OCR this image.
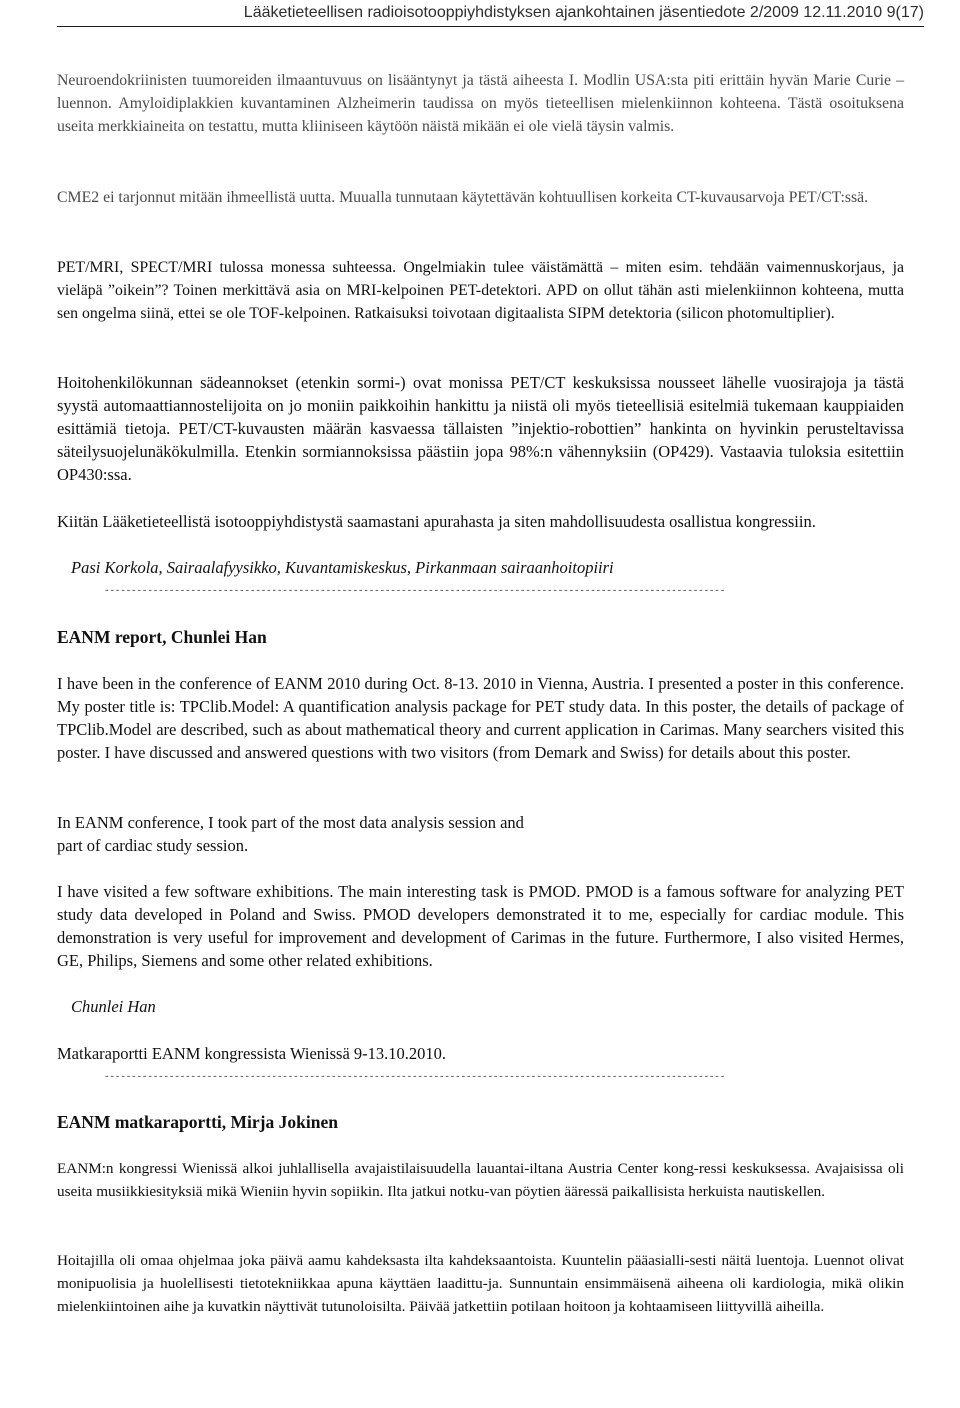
Lääketieteellisen radioisotooppiyhdistyksen ajankohtainen jäsentiedote 2/2009 12.11.2010 9(17)

Neuroendokriinisten tuumoreiden ilmaantuvuus on lisääntynyt ja tästä aiheesta I. Modlin USA:sta piti erittäin hyvän Marie Curie –luennon. Amyloidiplakkien kuvantaminen Alzheimerin taudissa on myös tieteellisen mielenkiinnon kohteena. Tästä osoituksena useita merkkiaineita on testattu, mutta kliiniseen käytöön näistä mikään ei ole vielä täysin valmis.

CME2 ei tarjonnut mitään ihmeellistä uutta. Muualla tunnutaan käytettävän kohtuullisen korkeita CT-kuvausarvoja PET/CT:ssä.

PET/MRI, SPECT/MRI tulossa monessa suhteessa. Ongelmiakin tulee väistämättä – miten esim. tehdään vaimennuskorjaus, ja vieläpä ”oikein”? Toinen merkittävä asia on MRI-kelpoinen PET-detektori. APD on ollut tähän asti mielenkiinnon kohteena, mutta sen ongelma siinä, ettei se ole TOF-kelpoinen. Ratkaisuksi toivotaan digitaalista SIPM detektoria (silicon photomultiplier).

Hoitohenkilökunnan sädeannokset (etenkin sormi-) ovat monissa PET/CT keskuksissa nousseet lähelle vuosirajoja ja tästä syystä automaattiannostelijoita on jo moniin paikkoihin hankittu ja niistä oli myös tieteellisiä esitelmiä tukemaan kauppiaiden esittämiä tietoja. PET/CT-kuvausten määrän kasvaessa tällaisten ”injektio-robottien” hankinta on hyvinkin perusteltavissa säteilysuojelunäkökulmilla. Etenkin sormiannoksissa päästiin jopa 98%:n vähennyksiin (OP429). Vastaavia tuloksia esitettiin OP430:ssa.

Kiitän Lääketieteellistä isotooppiyhdistystä saamastani apurahasta ja siten mahdollisuudesta osallistua kongressiin.

Pasi Korkola, Sairaalafyysikko, Kuvantamiskeskus, Pirkanmaan sairaanhoitopiiri
-------------------------------------------------------------------------------------------------------------------
EANM report, Chunlei Han

I have been in the conference of EANM 2010 during Oct. 8-13. 2010 in Vienna, Austria. I presented a poster in this conference. My poster title is: TPClib.Model: A quantification analysis package for PET study data. In this poster, the details of package of TPClib.Model are described, such as about mathematical theory and current application in Carimas. Many searchers visited this poster. I have discussed and answered questions with two visitors (from Demark and Swiss) for details about this poster.

In EANM conference, I took part of the most data analysis session and

part of cardiac study session.

I have visited a few software exhibitions. The main interesting task is PMOD. PMOD is a famous software for analyzing PET study data developed in Poland and Swiss. PMOD developers demonstrated it to me, especially for cardiac module. This demonstration is very useful for improvement and development of Carimas in the future. Furthermore, I also visited Hermes, GE, Philips, Siemens and some other related exhibitions.

Chunlei Han

Matkaraportti EANM kongressista Wienissä 9-13.10.2010.

-------------------------------------------------------------------------------------------------------------------
EANM matkaraportti, Mirja Jokinen

EANM:n kongressi Wienissä alkoi juhlallisella avajaistilaisuudella lauantai-iltana Austria Center kong-ressi keskuksessa. Avajaisissa oli useita musiikkiesityksiä mikä Wieniin hyvin sopiikin. Ilta jatkui notku-van pöytien ääressä paikallisista herkuista nautiskellen.

Hoitajilla oli omaa ohjelmaa joka päivä aamu kahdeksasta ilta kahdeksaantoista. Kuuntelin pääasialli-sesti näitä luentoja. Luennot olivat monipuolisia ja huolellisesti tietotekniikkaa apuna käyttäen laadittu-ja. Sunnuntain ensimmäisenä aiheena oli kardiologia, mikä olikin mielenkiintoinen aihe ja kuvatkin näyttivät tutunoloisilta. Päivää jatkettiin potilaan hoitoon ja kohtaamiseen liittyvillä aiheilla.
